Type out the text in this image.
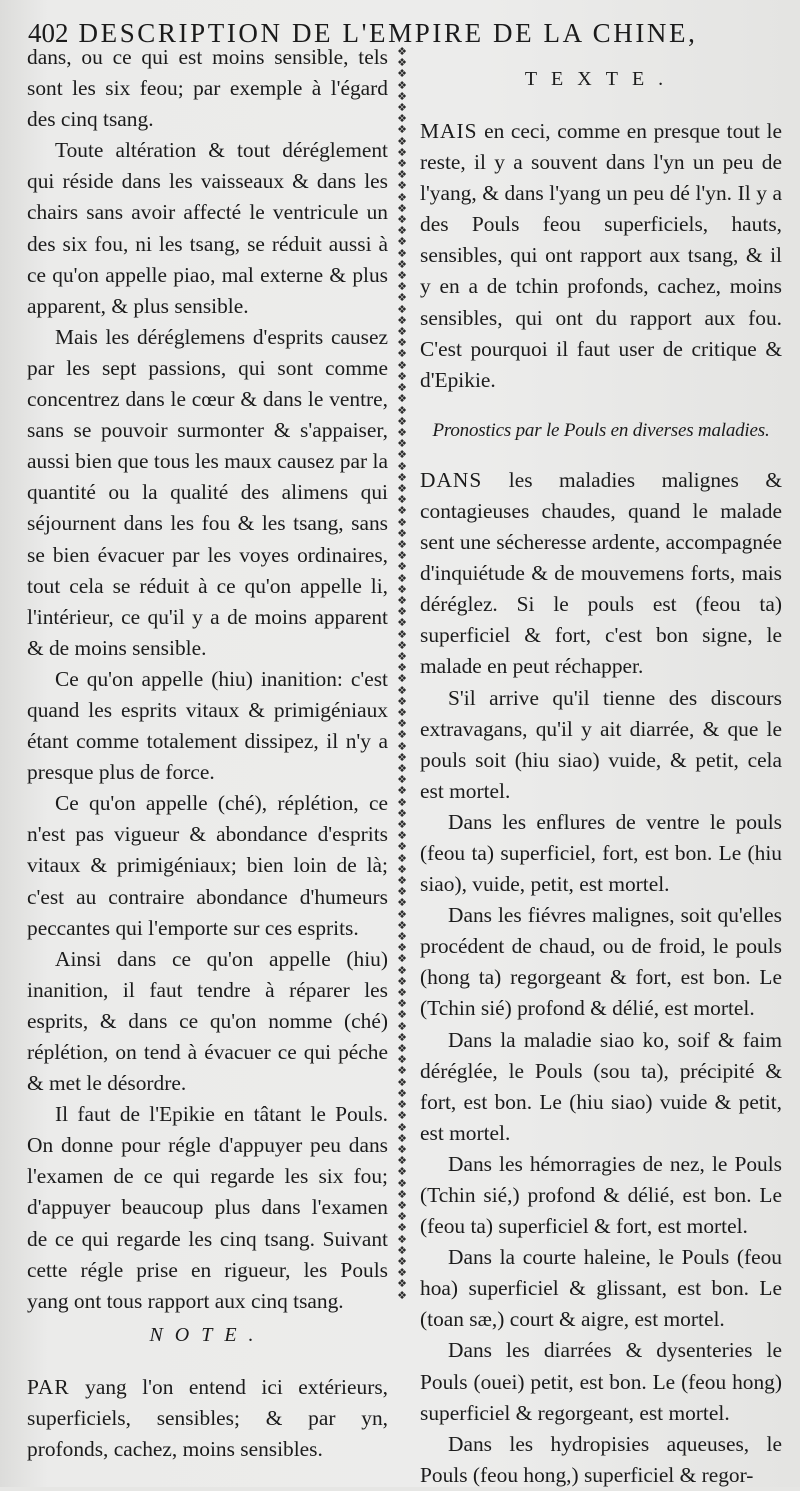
402 DESCRIPTION DE L'EMPIRE DE LA CHINE,

dans, ou ce qui est moins sensible, tels sont les six feou; par exemple à l'égard des cinq tsang.

Toute altération & tout déréglement qui réside dans les vaisseaux & dans les chairs sans avoir affecté le ventricule un des six fou, ni les tsang, se réduit aussi à ce qu'on appelle piao, mal externe & plus apparent, & plus sensible.

Mais les déréglemens d'esprits causez par les sept passions, qui sont comme concentrez dans le cœur & dans le ventre, sans se pouvoir surmonter & s'appaiser, aussi bien que tous les maux causez par la quantité ou la qualité des alimens qui séjournent dans les fou & les tsang, sans se bien évacuer par les voyes ordinaires, tout cela se réduit à ce qu'on appelle li, l'intérieur, ce qu'il y a de moins apparent & de moins sensible.

Ce qu'on appelle (hiu) inanition: c'est quand les esprits vitaux & primigéniaux étant comme totalement dissipez, il n'y a presque plus de force.

Ce qu'on appelle (ché), réplétion, ce n'est pas vigueur & abondance d'esprits vitaux & primigéniaux; bien loin de là; c'est au contraire abondance d'humeurs peccantes qui l'emporte sur ces esprits.

Ainsi dans ce qu'on appelle (hiu) inanition, il faut tendre à réparer les esprits, & dans ce qu'on nomme (ché) réplétion, on tend à évacuer ce qui péche & met le désordre.

Il faut de l'Epikie en tâtant le Pouls. On donne pour régle d'appuyer peu dans l'examen de ce qui regarde les six fou; d'appuyer beaucoup plus dans l'examen de ce qui regarde les cinq tsang. Suivant cette régle prise en rigueur, les Pouls yang ont tous rapport aux cinq tsang.

NOTE.

PAR yang l'on entend ici extérieurs, superficiels, sensibles; & par yn, profonds, cachez, moins sensibles.

❖
❖
❖
❖
❖
❖
❖
❖
❖
❖
❖
❖
❖
❖
❖
❖
❖
❖
❖
❖
❖
❖
❖
❖
❖
❖
❖
❖
❖
❖
❖
❖
❖
❖
❖
❖
❖
❖
❖
❖
❖
❖
❖
❖
❖
❖
❖
❖
❖
❖
❖
❖
❖
❖
❖
❖
❖
❖
❖
❖
❖
❖
❖
❖
❖
❖
❖
❖
❖
❖
❖
❖
❖
❖
❖
❖
❖
❖
❖
❖
❖
❖
❖
❖
❖
❖
❖
❖
❖
❖
❖
❖
❖
❖
❖
❖
❖
❖
❖
❖
❖
❖
❖
❖
❖
❖
❖
❖
❖
❖
❖
❖
TEXTE.

MAIS en ceci, comme en presque tout le reste, il y a souvent dans l'yn un peu de l'yang, & dans l'yang un peu dé l'yn. Il y a des Pouls feou superficiels, hauts, sensibles, qui ont rapport aux tsang, & il y en a de tchin profonds, cachez, moins sensibles, qui ont du rapport aux fou. C'est pourquoi il faut user de critique & d'Epikie.

Pronostics par le Pouls en diverses maladies.

DANS les maladies malignes & contagieuses chaudes, quand le malade sent une sécheresse ardente, accompagnée d'inquiétude & de mouvemens forts, mais déréglez. Si le pouls est (feou ta) superficiel & fort, c'est bon signe, le malade en peut réchapper.

S'il arrive qu'il tienne des discours extravagans, qu'il y ait diarrée, & que le pouls soit (hiu siao) vuide, & petit, cela est mortel.

Dans les enflures de ventre le pouls (feou ta) superficiel, fort, est bon. Le (hiu siao), vuide, petit, est mortel.

Dans les fiévres malignes, soit qu'elles procédent de chaud, ou de froid, le pouls (hong ta) regorgeant & fort, est bon. Le (Tchin sié) profond & délié, est mortel.

Dans la maladie siao ko, soif & faim déréglée, le Pouls (sou ta), précipité & fort, est bon. Le (hiu siao) vuide & petit, est mortel.

Dans les hémorragies de nez, le Pouls (Tchin sié,) profond & délié, est bon. Le (feou ta) superficiel & fort, est mortel.

Dans la courte haleine, le Pouls (feou hoa) superficiel & glissant, est bon. Le (toan sæ,) court & aigre, est mortel.

Dans les diarrées & dysenteries le Pouls (ouei) petit, est bon. Le (feou hong) superficiel & regorgeant, est mortel.

Dans les hydropisies aqueuses, le Pouls (feou hong,) superficiel & regor-
